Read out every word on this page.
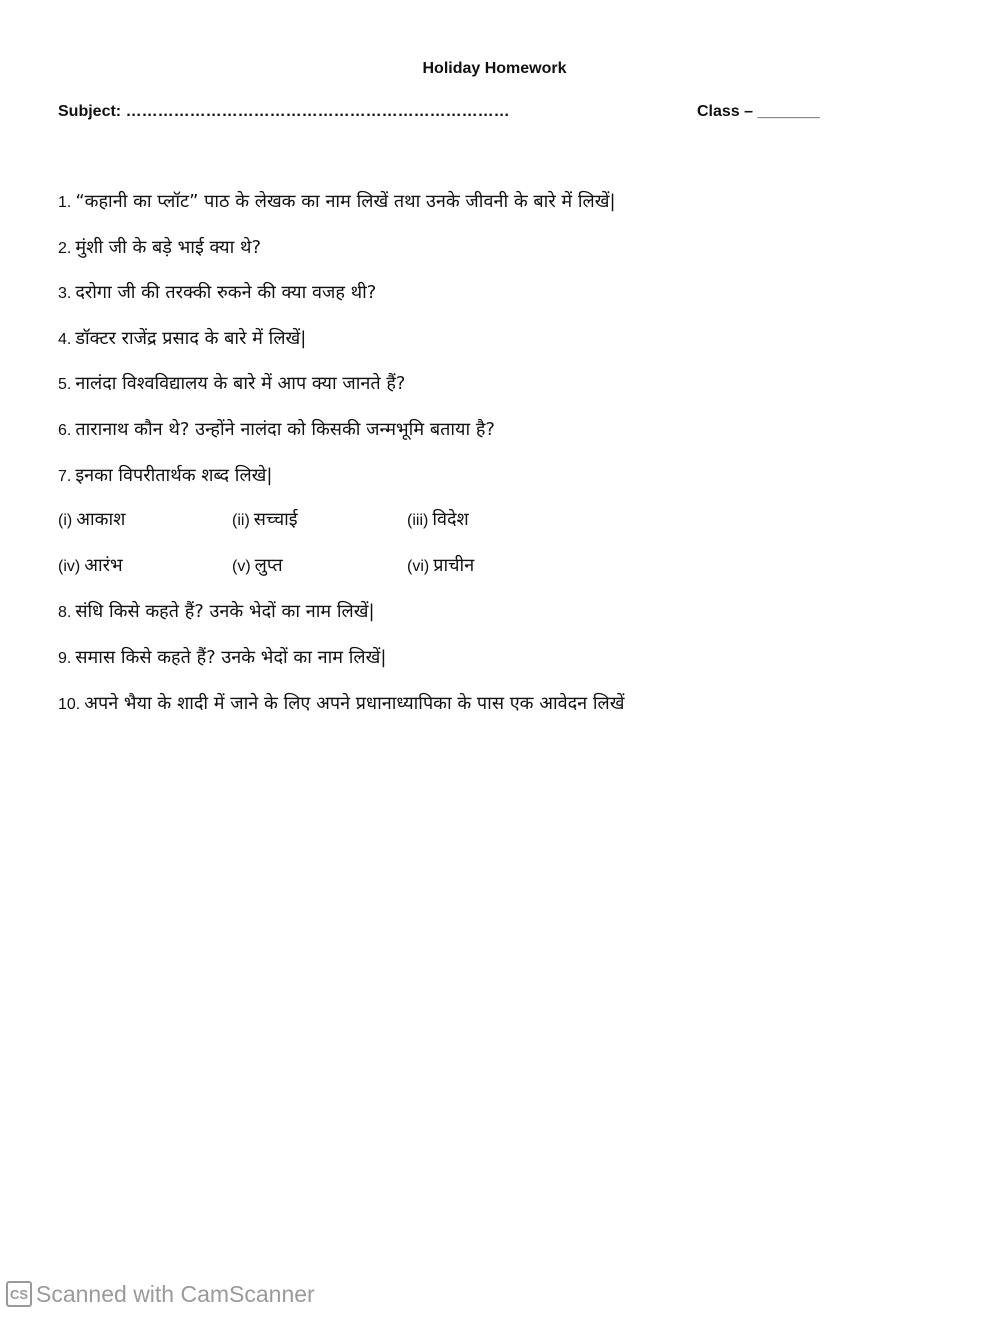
Holiday Homework
Subject: ………………………………………………………………	Class – _______
1. “कहानी का प्लॉट” पाठ के लेखक का नाम लिखें तथा उनके जीवनी के बारे में लिखें|
2. मुंशी जी के बड़े भाई क्या थे?
3. दरोगा जी की तरक्की रुकने की क्या वजह थी?
4. डॉक्टर राजेंद्र प्रसाद के बारे में लिखें|
5. नालंदा विश्वविद्यालय के बारे में आप क्या जानते हैं?
6. तारानाथ कौन थे? उन्होंने नालंदा को किसकी जन्मभूमि बताया है?
7. इनका विपरीतार्थक शब्द लिखे|
(i) आकाश	(ii) सच्चाई	(iii) विदेश
(iv) आरंभ	(v) लुप्त	(vi) प्राचीन
8. संधि किसे कहते हैं? उनके भेदों का नाम लिखें|
9. समास किसे कहते हैं? उनके भेदों का नाम लिखें|
10. अपने भैया के शादी में जाने के लिए अपने प्रधानाध्यापिका के पास एक आवेदन लिखें
CS Scanned with CamScanner
